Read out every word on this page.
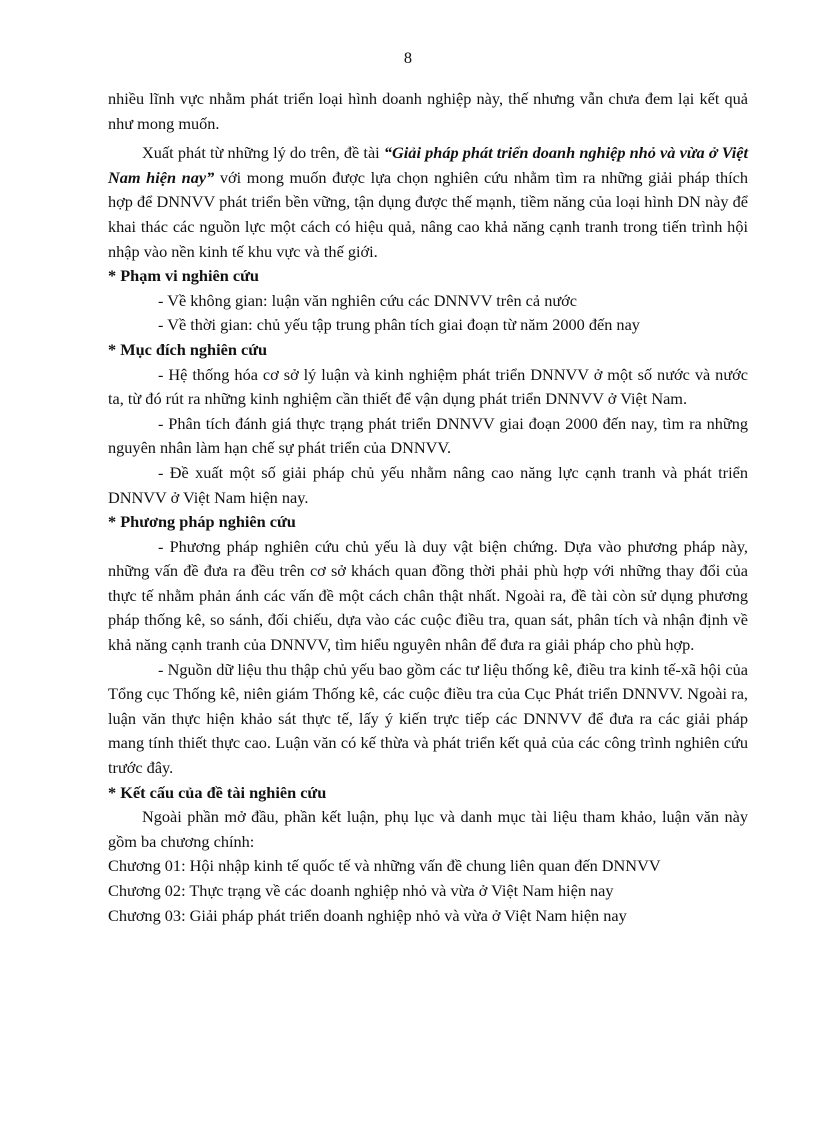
8

nhiều lĩnh vực nhằm phát triển loại hình doanh nghiệp này, thế nhưng vẫn chưa đem lại kết quả như mong muốn.

Xuất phát từ những lý do trên, đề tài “Giải pháp phát triển doanh nghiệp nhỏ và vừa ở Việt Nam hiện nay” với mong muốn được lựa chọn nghiên cứu nhằm tìm ra những giải pháp thích hợp để DNNVV phát triển bền vững, tận dụng được thế mạnh, tiềm năng của loại hình DN này để khai thác các nguồn lực một cách có hiệu quả, nâng cao khả năng cạnh tranh trong tiến trình hội nhập vào nền kinh tế khu vực và thế giới.

* Phạm vi nghiên cứu

- Về không gian: luận văn nghiên cứu các DNNVV trên cả nước

- Về thời gian: chủ yếu tập trung phân tích giai đoạn từ năm 2000 đến nay

* Mục đích nghiên cứu

- Hệ thống hóa cơ sở lý luận và kinh nghiệm phát triển DNNVV ở một số nước và nước ta, từ đó rút ra những kinh nghiệm cần thiết để vận dụng phát triển DNNVV ở Việt Nam.

- Phân tích đánh giá thực trạng phát triển DNNVV giai đoạn 2000 đến nay, tìm ra những nguyên nhân làm hạn chế sự phát triển của DNNVV.

- Đề xuất một số giải pháp chủ yếu nhằm nâng cao năng lực cạnh tranh và phát triển DNNVV ở Việt Nam hiện nay.

* Phương pháp nghiên cứu

- Phương pháp nghiên cứu chủ yếu là duy vật biện chứng. Dựa vào phương pháp này, những vấn đề đưa ra đều trên cơ sở khách quan đồng thời phải phù hợp với những thay đổi của thực tế nhằm phản ánh các vấn đề một cách chân thật nhất. Ngoài ra, đề tài còn sử dụng phương pháp thống kê, so sánh, đối chiếu, dựa vào các cuộc điều tra, quan sát, phân tích và nhận định về khả năng cạnh tranh của DNNVV, tìm hiểu nguyên nhân để đưa ra giải pháp cho phù hợp.

- Nguồn dữ liệu thu thập chủ yếu bao gồm các tư liệu thống kê, điều tra kinh tế-xã hội của Tổng cục Thống kê, niên giám Thống kê, các cuộc điều tra của Cục Phát triển DNNVV. Ngoài ra, luận văn thực hiện khảo sát thực tế, lấy ý kiến trực tiếp các DNNVV để đưa ra các giải pháp mang tính thiết thực cao. Luận văn có kế thừa và phát triển kết quả của các công trình nghiên cứu trước đây.

* Kết cấu của đề tài nghiên cứu

Ngoài phần mở đầu, phần kết luận, phụ lục và danh mục tài liệu tham khảo, luận văn này gồm ba chương chính:

Chương 01: Hội nhập kinh tế quốc tế và những vấn đề chung liên quan đến DNNVV

Chương 02: Thực trạng về các doanh nghiệp nhỏ và vừa ở Việt Nam hiện nay

Chương 03: Giải pháp phát triển doanh nghiệp nhỏ và vừa ở Việt Nam hiện nay
